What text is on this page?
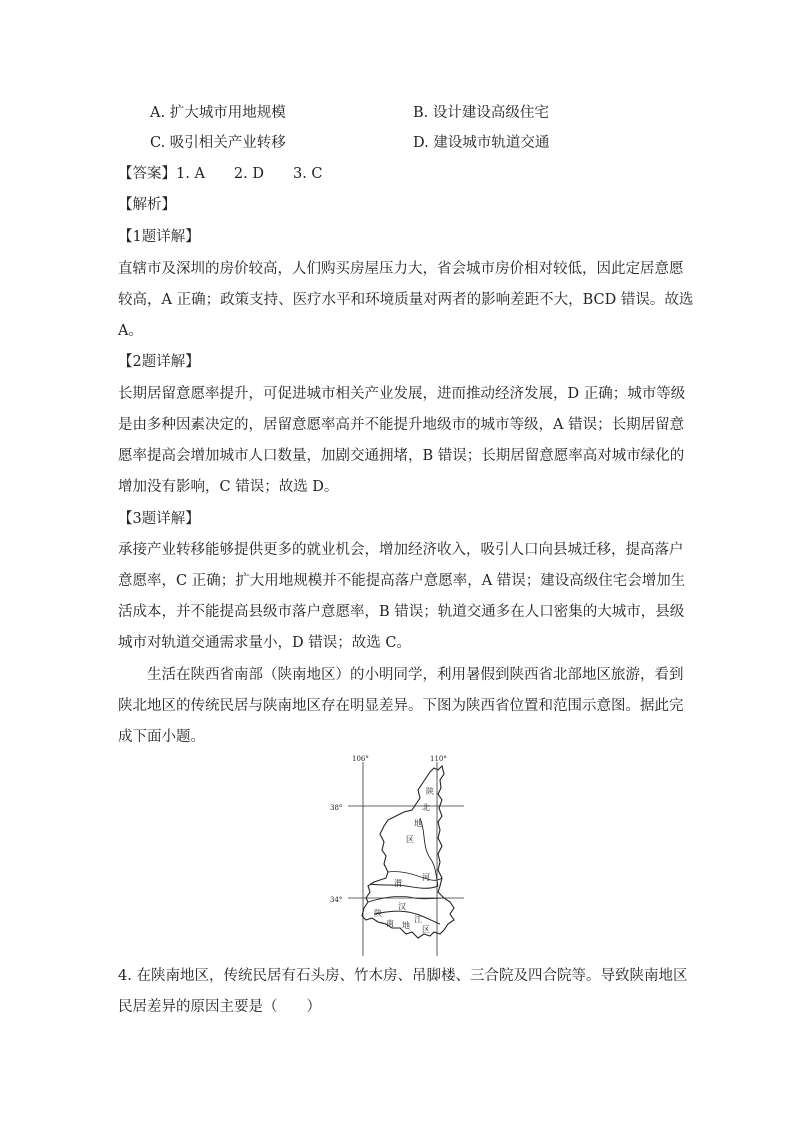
A. 扩大城市用地规模	B. 设计建设高级住宅
C. 吸引相关产业转移	D. 建设城市轨道交通
【答案】1. A　　2. D　　3. C
【解析】
【1题详解】
直辖市及深圳的房价较高，人们购买房屋压力大，省会城市房价相对较低，因此定居意愿
较高，A 正确；政策支持、医疗水平和环境质量对两者的影响差距不大，BCD 错误。故选
A。
【2题详解】
长期居留意愿率提升，可促进城市相关产业发展，进而推动经济发展，D 正确；城市等级
是由多种因素决定的，居留意愿率高并不能提升地级市的城市等级，A 错误；长期居留意
愿率提高会增加城市人口数量，加剧交通拥堵，B 错误；长期居留意愿率高对城市绿化的
增加没有影响，C 错误；故选 D。
【3题详解】
承接产业转移能够提供更多的就业机会，增加经济收入，吸引人口向县城迁移，提高落户
意愿率，C 正确；扩大用地规模并不能提高落户意愿率，A 错误；建设高级住宅会增加生
活成本，并不能提高县级市落户意愿率，B 错误；轨道交通多在人口密集的大城市，县级
城市对轨道交通需求量小，D 错误；故选 C。
生活在陕西省南部（陕南地区）的小明同学，利用暑假到陕西省北部地区旅游，看到
陕北地区的传统民居与陕南地区存在明显差异。下图为陕西省位置和范围示意图。据此完
成下面小题。
106°	110°
38°
34°
陕
北
地
区
渭
河
汉
江
陕
南 地 区
4. 在陕南地区，传统民居有石头房、竹木房、吊脚楼、三合院及四合院等。导致陕南地区
民居差异的原因主要是（　　）
